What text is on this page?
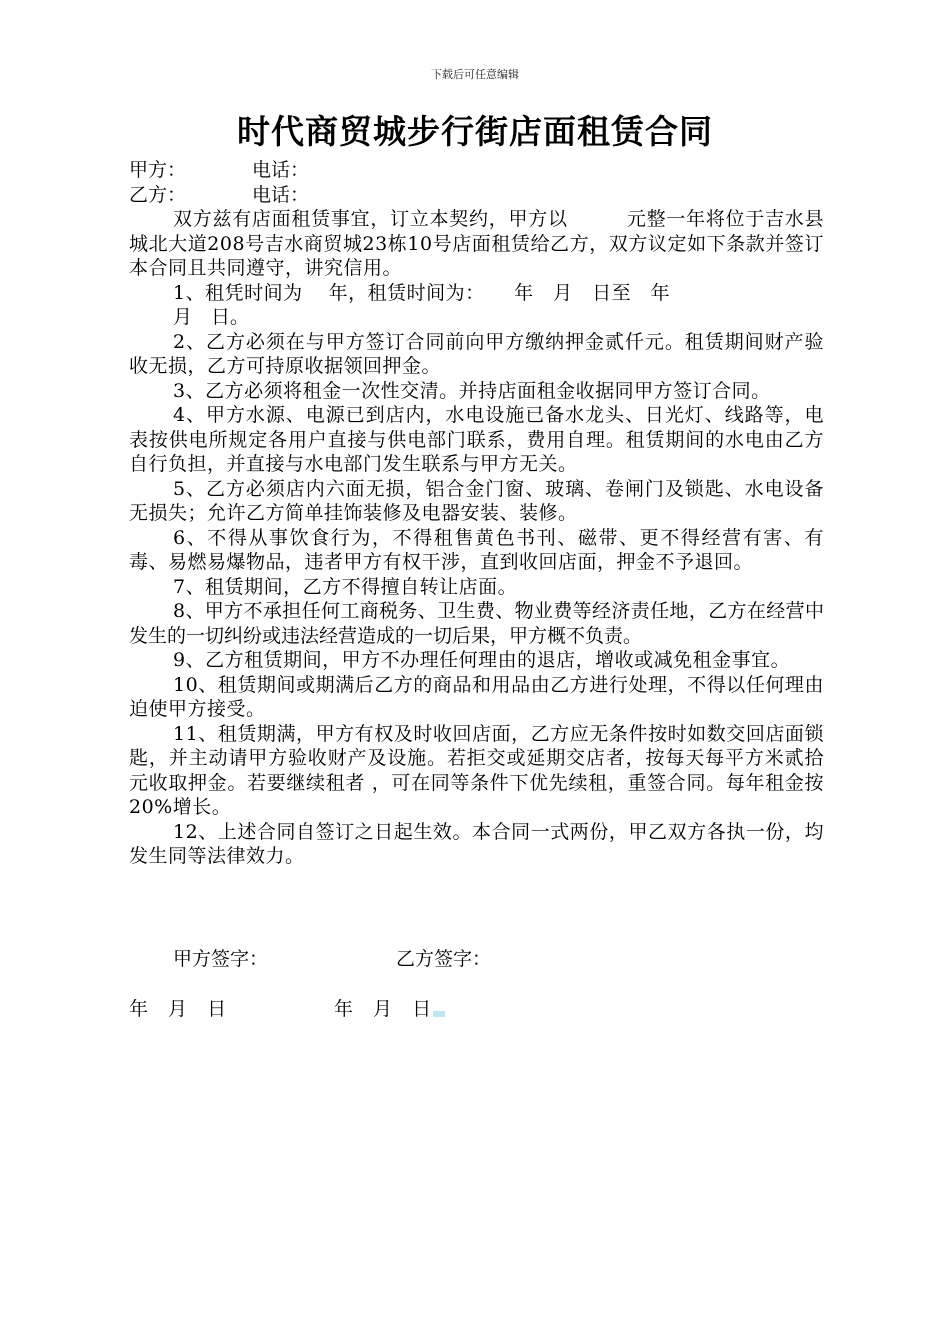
下载后可任意编辑
时代商贸城步行街店面租赁合同
甲方：	电话：
乙方：	电话：

双方兹有店面租赁事宜，订立本契约，甲方以　　　元整一年将位于吉水县城北大道208号吉水商贸城23栋10号店面租赁给乙方，双方议定如下条款并签订本合同且共同遵守，讲究信用。

1、租凭时间为　 年，租赁时间为：　　年　月　日至　年

月　日。

2、乙方必须在与甲方签订合同前向甲方缴纳押金贰仟元。租赁期间财产验收无损，乙方可持原收据领回押金。

3、乙方必须将租金一次性交清。并持店面租金收据同甲方签订合同。

4、甲方水源、电源已到店内，水电设施已备水龙头、日光灯、线路等，电表按供电所规定各用户直接与供电部门联系，费用自理。租赁期间的水电由乙方自行负担，并直接与水电部门发生联系与甲方无关。

5、乙方必须店内六面无损，铝合金门窗、玻璃、卷闸门及锁匙、水电设备无损失；允许乙方简单挂饰装修及电器安装、装修。

6、不得从事饮食行为，不得租售黄色书刊、磁带、更不得经营有害、有毒、易燃易爆物品，违者甲方有权干涉，直到收回店面，押金不予退回。

7、租赁期间，乙方不得擅自转让店面。

8、甲方不承担任何工商税务、卫生费、物业费等经济责任地，乙方在经营中发生的一切纠纷或违法经营造成的一切后果，甲方概不负责。

9、乙方租赁期间，甲方不办理任何理由的退店，增收或减免租金事宜。

10、租赁期间或期满后乙方的商品和用品由乙方进行处理，不得以任何理由迫使甲方接受。

11、租赁期满，甲方有权及时收回店面，乙方应无条件按时如数交回店面锁匙，并主动请甲方验收财产及设施。若拒交或延期交店者，按每天每平方米贰拾元收取押金。若要继续租者 ，可在同等条件下优先续租，重签合同。每年租金按20%增长。

12、上述合同自签订之日起生效。本合同一式两份，甲乙双方各执一份，均发生同等法律效力。

甲方签字：	乙方签字：
年 月 日	年 月 日
